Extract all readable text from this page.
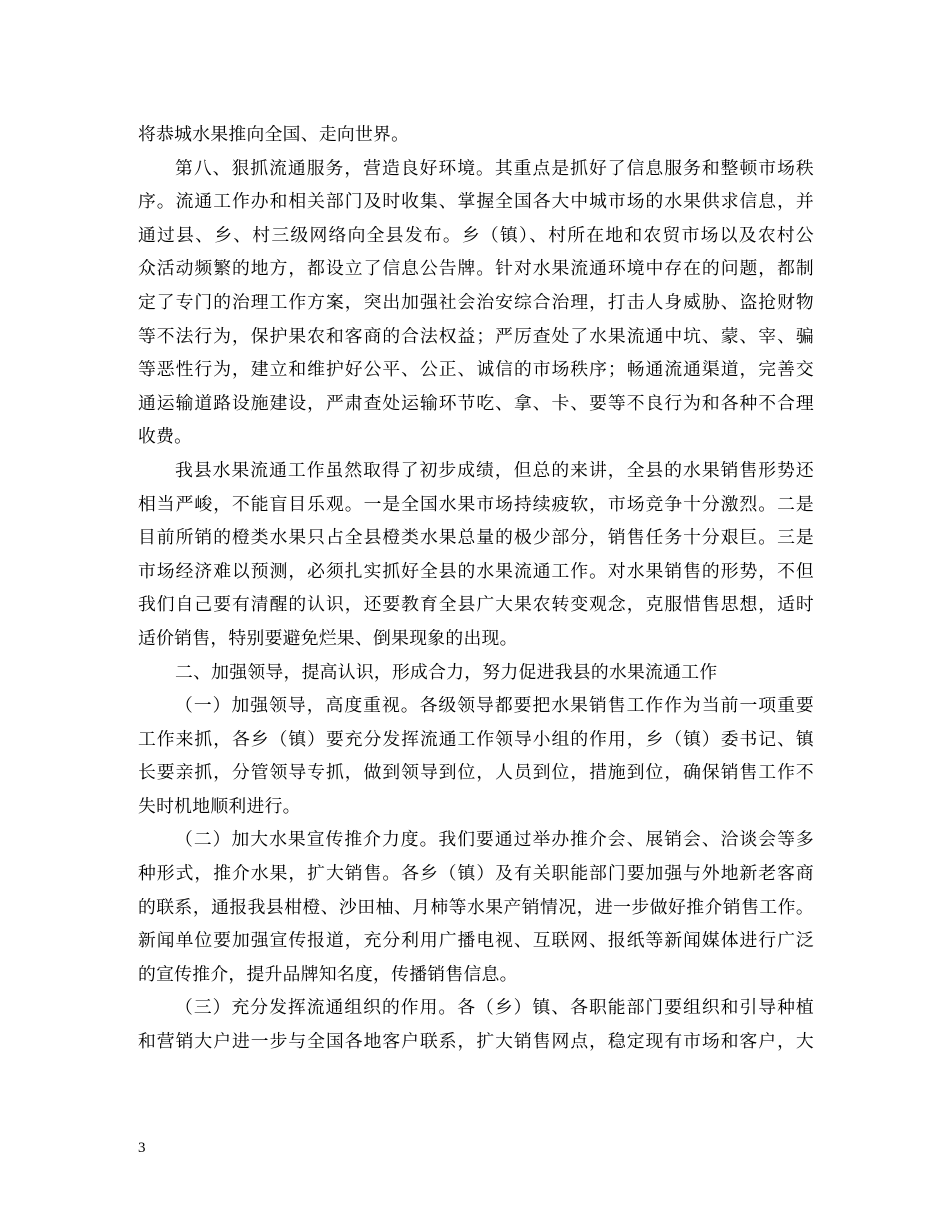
将恭城水果推向全国、走向世界。
第八、狠抓流通服务，营造良好环境。其重点是抓好了信息服务和整顿市场秩
序。流通工作办和相关部门及时收集、掌握全国各大中城市场的水果供求信息，并
通过县、乡、村三级网络向全县发布。乡（镇）、村所在地和农贸市场以及农村公
众活动频繁的地方，都设立了信息公告牌。针对水果流通环境中存在的问题，都制
定了专门的治理工作方案，突出加强社会治安综合治理，打击人身威胁、盗抢财物
等不法行为，保护果农和客商的合法权益；严厉查处了水果流通中坑、蒙、宰、骗
等恶性行为，建立和维护好公平、公正、诚信的市场秩序；畅通流通渠道，完善交
通运输道路设施建设，严肃查处运输环节吃、拿、卡、要等不良行为和各种不合理
收费。
我县水果流通工作虽然取得了初步成绩，但总的来讲，全县的水果销售形势还
相当严峻，不能盲目乐观。一是全国水果市场持续疲软，市场竞争十分激烈。二是
目前所销的橙类水果只占全县橙类水果总量的极少部分，销售任务十分艰巨。三是
市场经济难以预测，必须扎实抓好全县的水果流通工作。对水果销售的形势，不但
我们自己要有清醒的认识，还要教育全县广大果农转变观念，克服惜售思想，适时
适价销售，特别要避免烂果、倒果现象的出现。
二、加强领导，提高认识，形成合力，努力促进我县的水果流通工作
（一）加强领导，高度重视。各级领导都要把水果销售工作作为当前一项重要
工作来抓，各乡（镇）要充分发挥流通工作领导小组的作用，乡（镇）委书记、镇
长要亲抓，分管领导专抓，做到领导到位，人员到位，措施到位，确保销售工作不
失时机地顺利进行。
（二）加大水果宣传推介力度。我们要通过举办推介会、展销会、洽谈会等多
种形式，推介水果，扩大销售。各乡（镇）及有关职能部门要加强与外地新老客商
的联系，通报我县柑橙、沙田柚、月柿等水果产销情况，进一步做好推介销售工作。
新闻单位要加强宣传报道，充分利用广播电视、互联网、报纸等新闻媒体进行广泛
的宣传推介，提升品牌知名度，传播销售信息。
（三）充分发挥流通组织的作用。各（乡）镇、各职能部门要组织和引导种植
和营销大户进一步与全国各地客户联系，扩大销售网点，稳定现有市场和客户，大
3
